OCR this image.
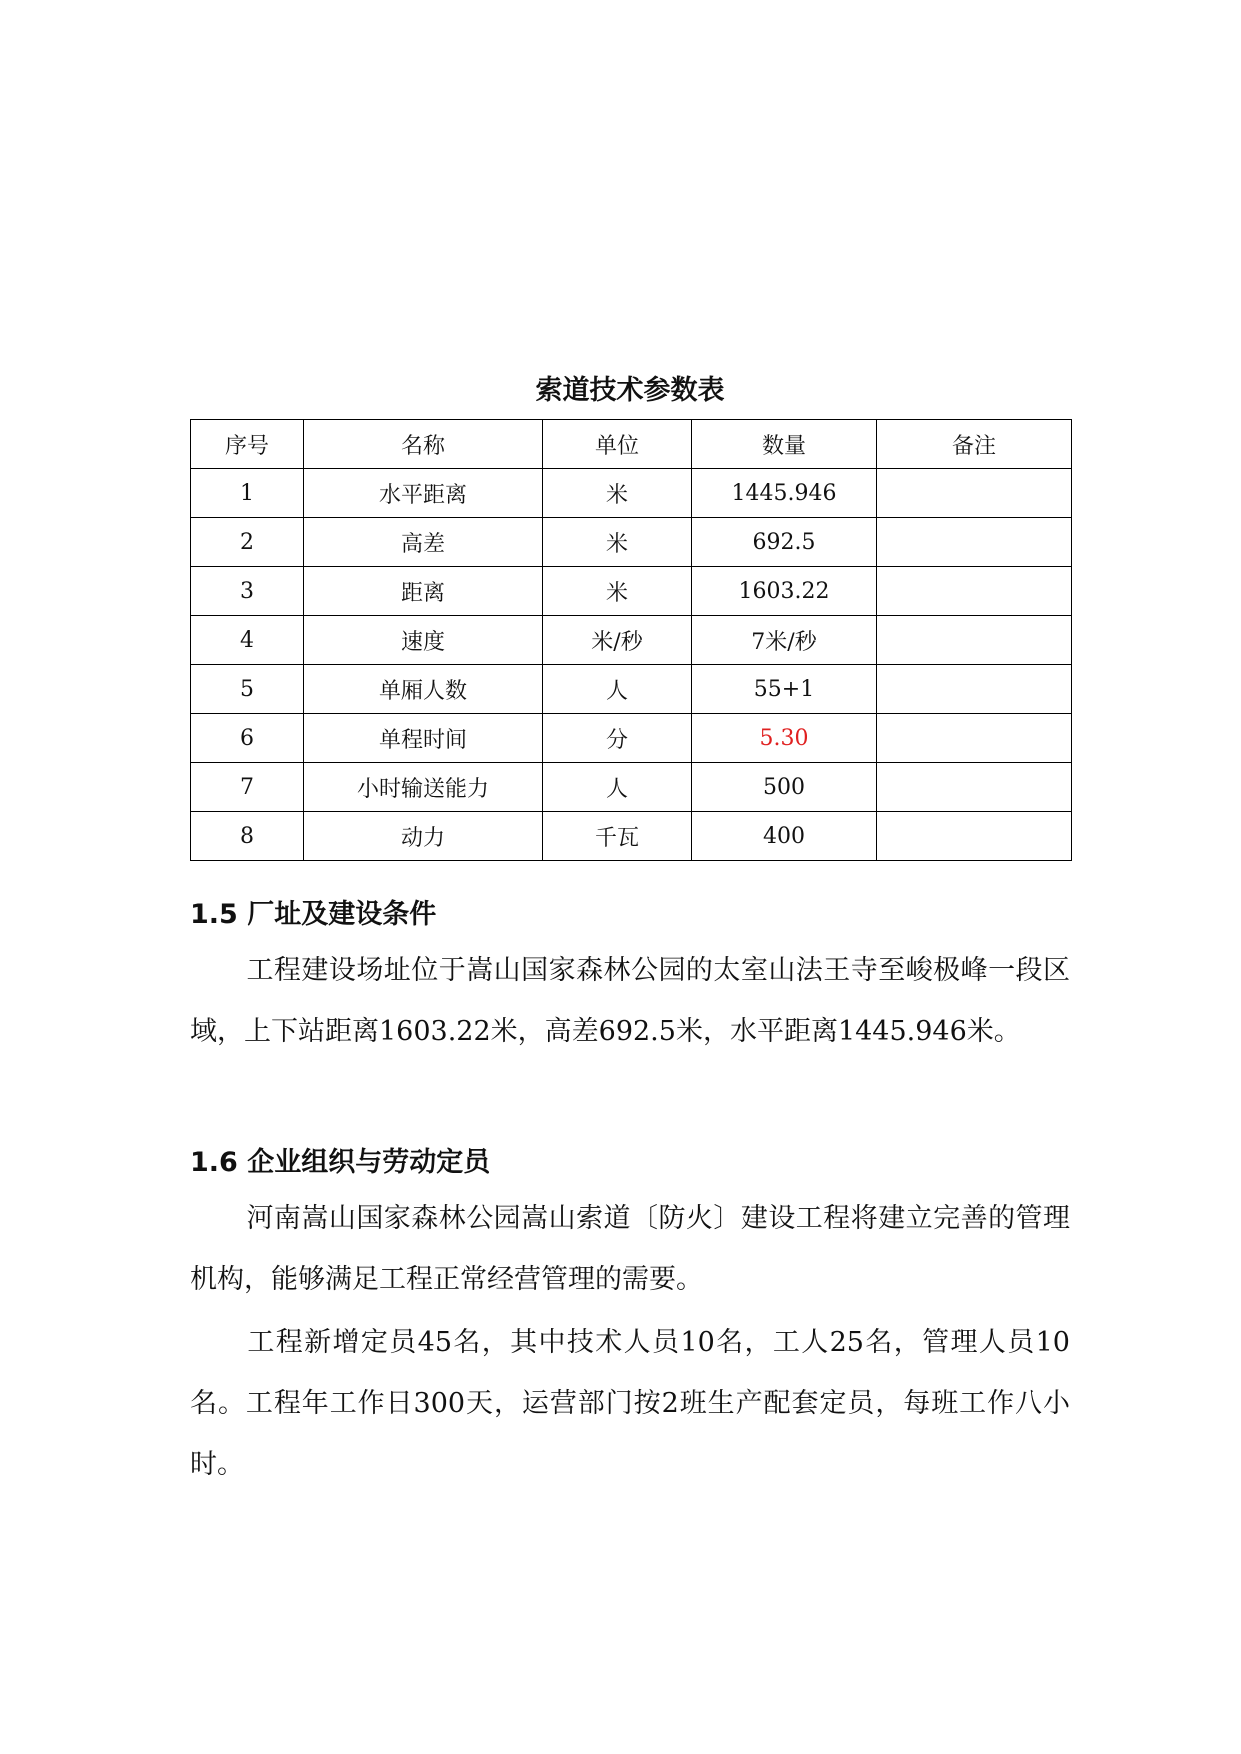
索道技术参数表
序号	名称	单位	数量	备注
1	水平距离	米	1445.946	
2	高差	米	692.5	
3	距离	米	1603.22	
4	速度	米/秒	7米/秒	
5	单厢人数	人	55+1	
6	单程时间	分	5.30	
7	小时输送能力	人	500	
8	动力	千瓦	400	
1.5 厂址及建设条件

工程建设场址位于嵩山国家森林公园的太室山法王寺至峻极峰一段区域，上下站距离1603.22米，高差692.5米，水平距离1445.946米。

1.6 企业组织与劳动定员

河南嵩山国家森林公园嵩山索道〔防火〕建设工程将建立完善的管理机构，能够满足工程正常经营管理的需要。

工程新增定员45名，其中技术人员10名，工人25名，管理人员10名。工程年工作日300天，运营部门按2班生产配套定员，每班工作八小时。
